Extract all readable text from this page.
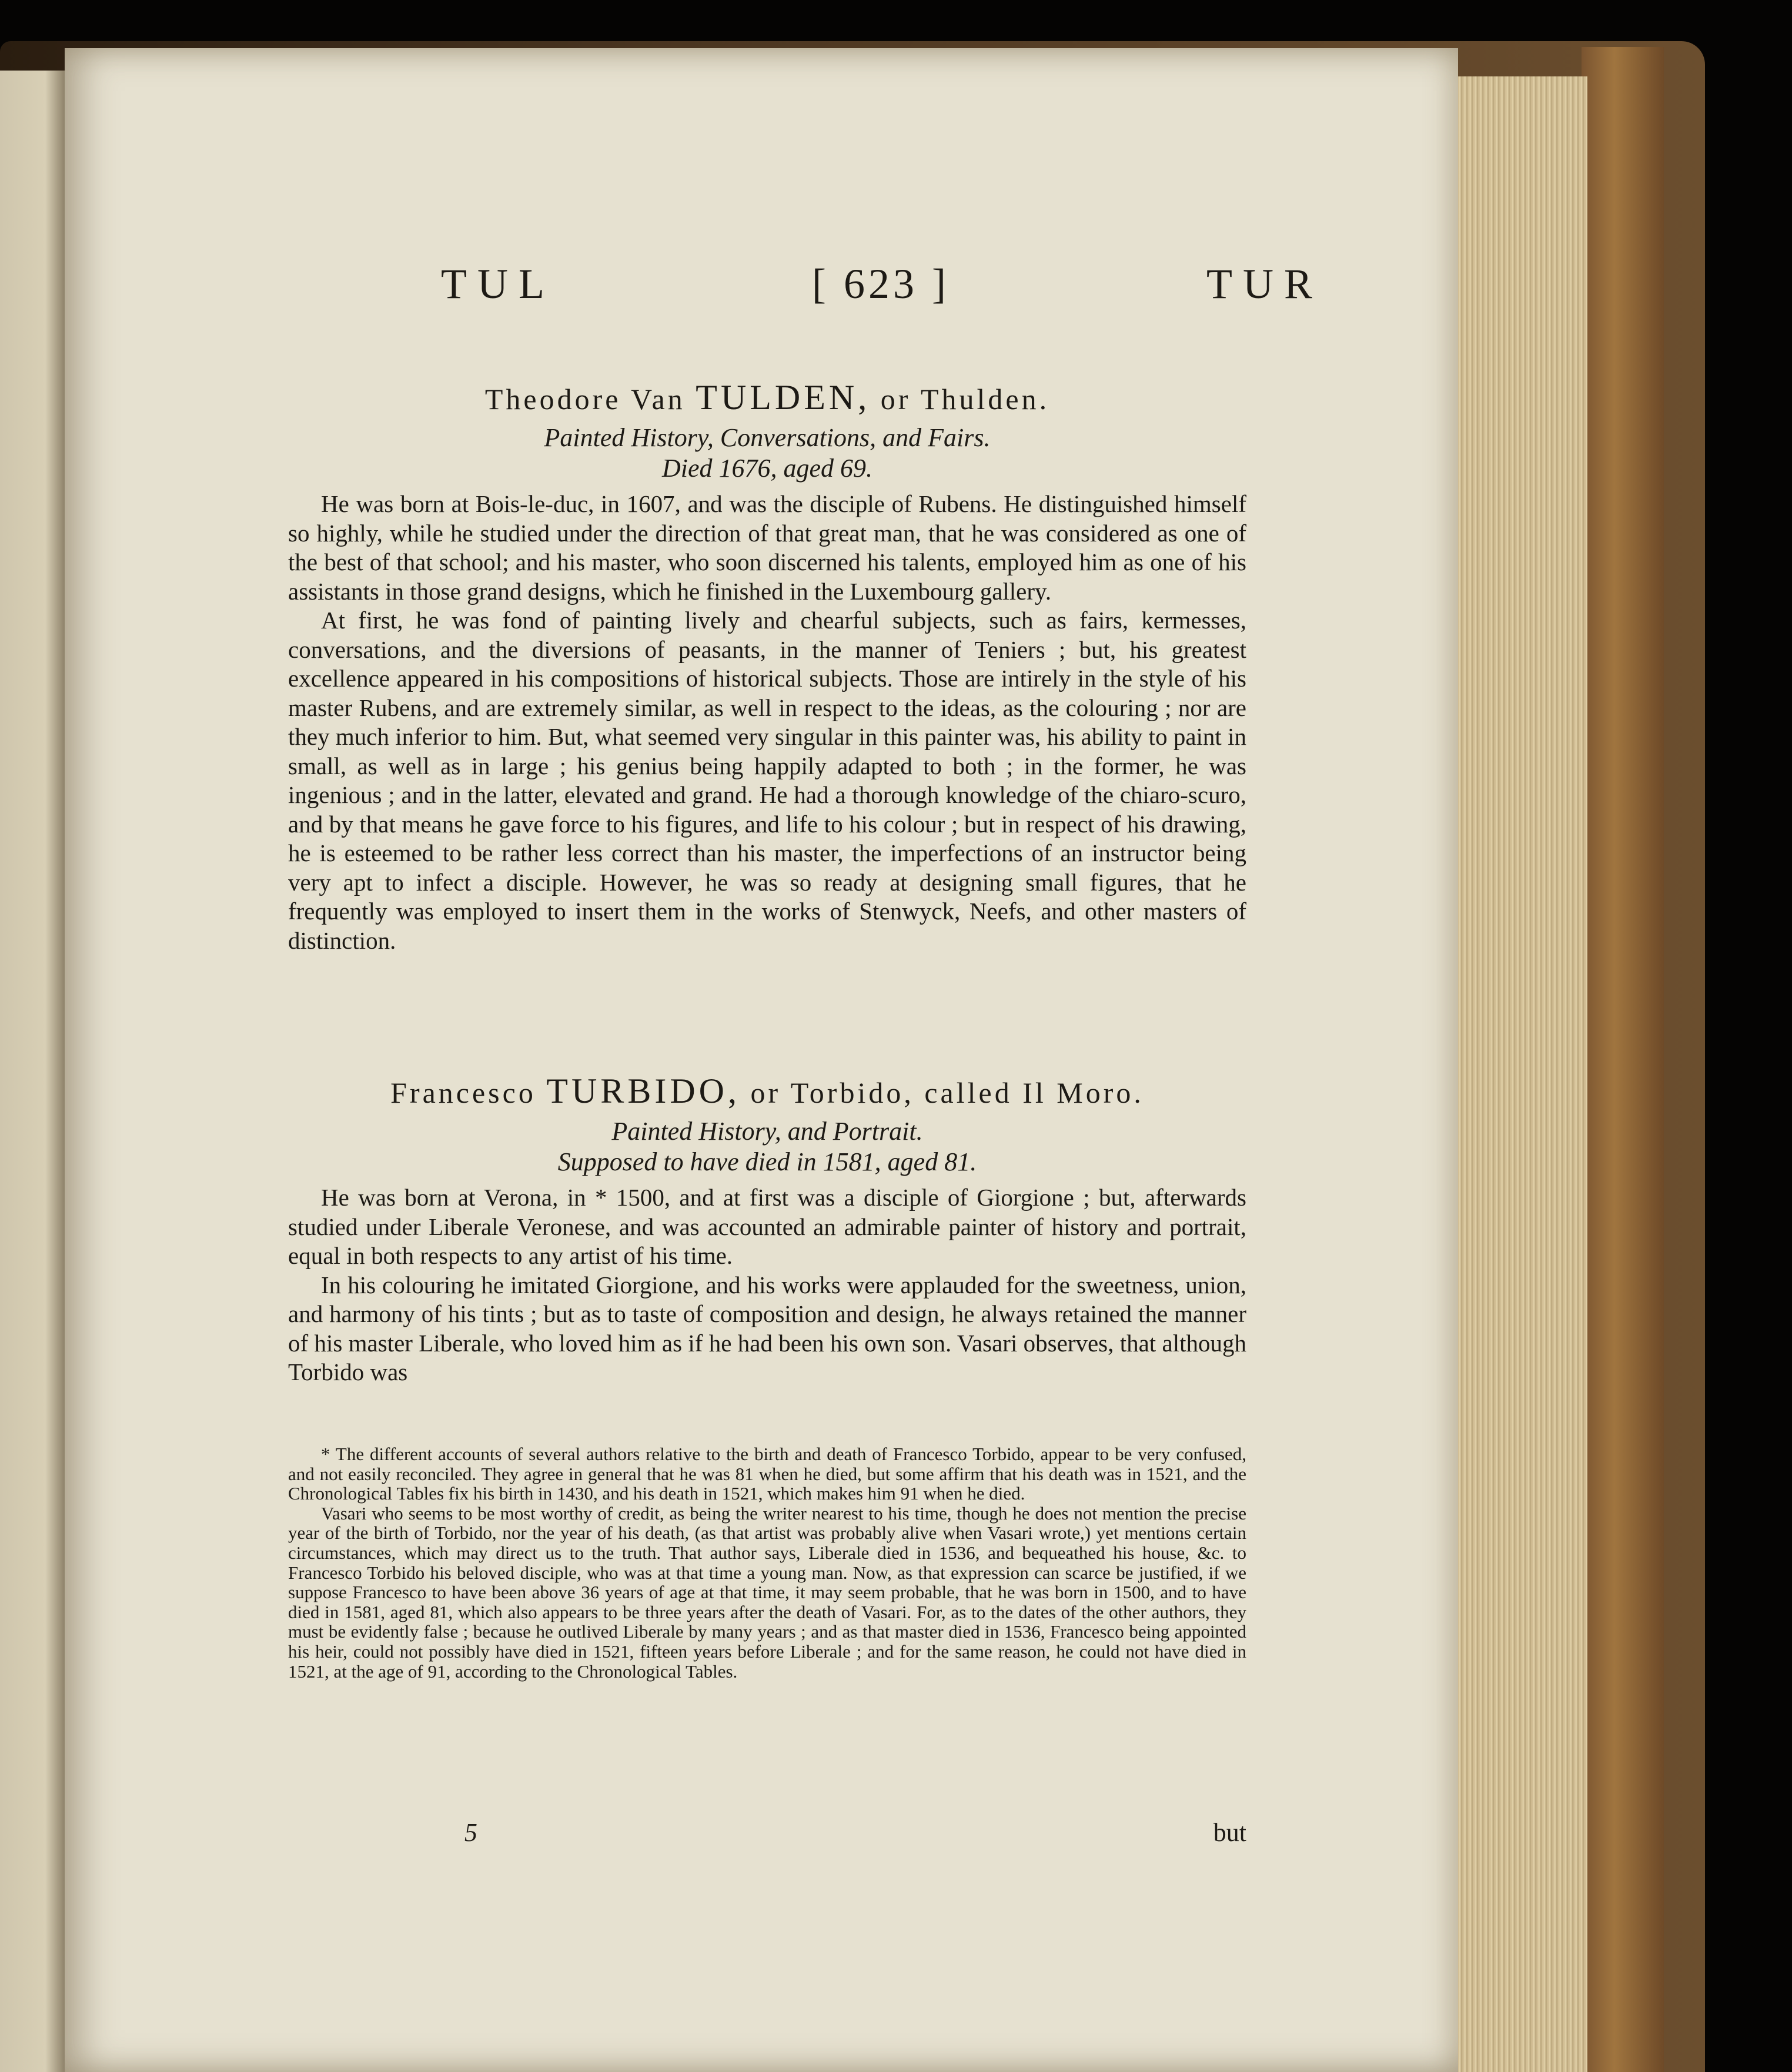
TUL	[ 623 ]	TUR
Theodore Van TULDEN, or Thulden.
Painted History, Conversations, and Fairs.
Died 1676, aged 69.

He was born at Bois-le-duc, in 1607, and was the disciple of Rubens. He distinguished himself so highly, while he studied under the direction of that great man, that he was considered as one of the best of that school; and his master, who soon discerned his talents, employed him as one of his assistants in those grand designs, which he finished in the Luxembourg gallery.

At first, he was fond of painting lively and chearful subjects, such as fairs, kermesses, conversations, and the diversions of peasants, in the manner of Teniers ; but, his greatest excellence appeared in his compositions of historical subjects. Those are intirely in the style of his master Rubens, and are extremely similar, as well in respect to the ideas, as the colouring ; nor are they much inferior to him. But, what seemed very singular in this painter was, his ability to paint in small, as well as in large ; his genius being happily adapted to both ; in the former, he was ingenious ; and in the latter, elevated and grand. He had a thorough knowledge of the chiaro-scuro, and by that means he gave force to his figures, and life to his colour ; but in respect of his drawing, he is esteemed to be rather less correct than his master, the imperfections of an instructor being very apt to infect a disciple. However, he was so ready at designing small figures, that he frequently was employed to insert them in the works of Stenwyck, Neefs, and other masters of distinction.

Francesco TURBIDO, or Torbido, called Il Moro.
Painted History, and Portrait.
Supposed to have died in 1581, aged 81.

He was born at Verona, in * 1500, and at first was a disciple of Giorgione ; but, afterwards studied under Liberale Veronese, and was accounted an admirable painter of history and portrait, equal in both respects to any artist of his time.

In his colouring he imitated Giorgione, and his works were applauded for the sweetness, union, and harmony of his tints ; but as to taste of composition and design, he always retained the manner of his master Liberale, who loved him as if he had been his own son. Vasari observes, that although Torbido was

* The different accounts of several authors relative to the birth and death of Francesco Torbido, appear to be very confused, and not easily reconciled. They agree in general that he was 81 when he died, but some affirm that his death was in 1521, and the Chronological Tables fix his birth in 1430, and his death in 1521, which makes him 91 when he died.

Vasari who seems to be most worthy of credit, as being the writer nearest to his time, though he does not mention the precise year of the birth of Torbido, nor the year of his death, (as that artist was probably alive when Vasari wrote,) yet mentions certain circumstances, which may direct us to the truth. That author says, Liberale died in 1536, and bequeathed his house, &c. to Francesco Torbido his beloved disciple, who was at that time a young man. Now, as that expression can scarce be justified, if we suppose Francesco to have been above 36 years of age at that time, it may seem probable, that he was born in 1500, and to have died in 1581, aged 81, which also appears to be three years after the death of Vasari. For, as to the dates of the other authors, they must be evidently false ; because he outlived Liberale by many years ; and as that master died in 1536, Francesco being appointed his heir, could not possibly have died in 1521, fifteen years before Liberale ; and for the same reason, he could not have died in 1521, at the age of 91, according to the Chronological Tables.

5	but
